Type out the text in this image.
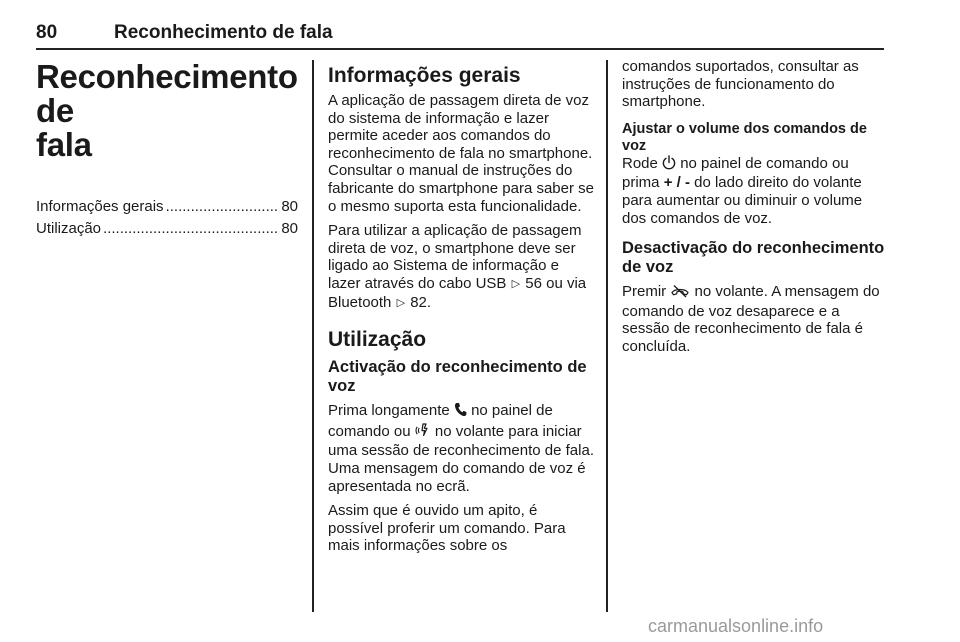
80	Reconhecimento de fala
Reconhecimento de
fala
Informações gerais .....	80
Utilização .....	80
Informações gerais

A aplicação de passagem direta de voz do sistema de informação e lazer permite aceder aos comandos do reconhecimento de fala no smartphone. Consultar o manual de instruções do fabricante do smartphone para saber se o mesmo suporta esta funcionalidade.

Para utilizar a aplicação de passagem direta de voz, o smartphone deve ser ligado ao Sistema de informação e lazer através do cabo USB ▷ 56 ou via Bluetooth ▷ 82.

Utilização
Activação do reconhecimento de voz

Prima longamente no painel de comando ou no volante para iniciar uma sessão de reconhecimento de fala. Uma mensagem do comando de voz é apresentada no ecrã.

Assim que é ouvido um apito, é possível proferir um comando. Para mais informações sobre os

comandos suportados, consultar as instruções de funcionamento do smartphone.

Ajustar o volume dos comandos de voz

Rode no painel de comando ou prima + / - do lado direito do volante para aumentar ou diminuir o volume dos comandos de voz.

Desactivação do reconhecimento de voz

Premir no volante. A mensagem do comando de voz desaparece e a sessão de reconhecimento de fala é concluída.

carmanualsonline.info
